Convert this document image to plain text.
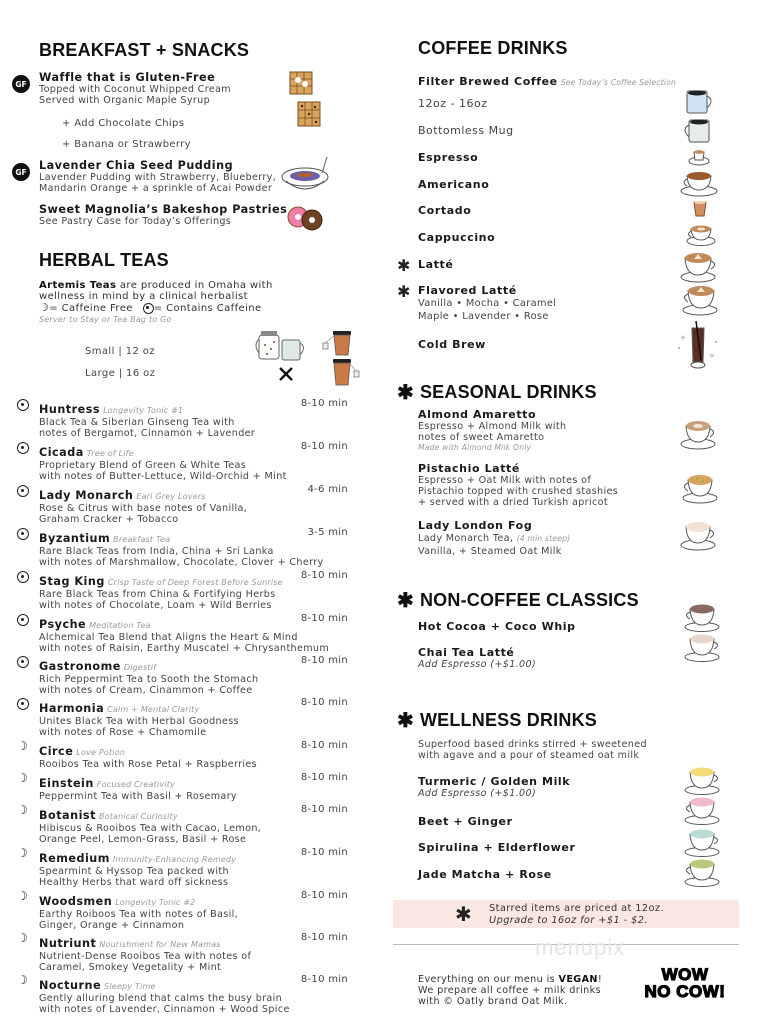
BREAKFAST + SNACKS
GF Waffle that is Gluten-Free
Topped with Coconut Whipped Cream
Served with Organic Maple Syrup
+ Add Chocolate Chips
+ Banana or Strawberry
GF Lavender Chia Seed Pudding
Lavender Pudding with Strawberry, Blueberry,
Mandarin Orange + a sprinkle of Acai Powder
Sweet Magnolia’s Bakeshop Pastries
See Pastry Case for Today’s Offerings
HERBAL TEAS
Artemis Teas are produced in Omaha with
wellness in mind by a clinical herbalist
☽ = Caffeine Free = Contains Caffeine
Server to Stay or Tea Bag to Go
Small | 12 oz
Large | 16 oz
Huntress Longevity Tonic #1
Black Tea & Siberian Ginseng Tea with
notes of Bergamot, Cinnamon + Lavender
8-10 min
Cicada Tree of Life
Proprietary Blend of Green & White Teas
with notes of Butter-Lettuce, Wild-Orchid + Mint
8-10 min
Lady Monarch Earl Grey Lovers
Rose & Citrus with base notes of Vanilla,
Graham Cracker + Tobacco
4-6 min
Byzantium Breakfast Tea
Rare Black Teas from India, China + Sri Lanka
with notes of Marshmallow, Chocolate, Clover + Cherry
3-5 min
Stag King Crisp Taste of Deep Forest Before Sunrise
Rare Black Teas from China & Fortifying Herbs
with notes of Chocolate, Loam + Wild Berries
8-10 min
Psyche Meditation Tea
Alchemical Tea Blend that Aligns the Heart & Mind
with notes of Raisin, Earthy Muscatel + Chrysanthemum
8-10 min
Gastronome Digestif
Rich Peppermint Tea to Sooth the Stomach
with notes of Cream, Cinammon + Coffee
8-10 min
Harmonia Calm + Mental Clarity
Unites Black Tea with Herbal Goodness
with notes of Rose + Chamomile
8-10 min
☽ Circe Love Potion
Rooibos Tea with Rose Petal + Raspberries
8-10 min
☽ Einstein Focused Creativity
Peppermint Tea with Basil + Rosemary
8-10 min
☽ Botanist Botanical Curiosity
Hibiscus & Rooibos Tea with Cacao, Lemon,
Orange Peel, Lemon-Grass, Basil + Rose
8-10 min
☽ Remedium Immunity-Enhancing Remedy
Spearmint & Hyssop Tea packed with
Healthy Herbs that ward off sickness
8-10 min
☽ Woodsmen Longevity Tonic #2
Earthy Roiboos Tea with notes of Basil,
Ginger, Orange + Cinnamon
8-10 min
☽ Nutriunt Nourishment for New Mamas
Nutrient-Dense Rooibos Tea with notes of
Caramel, Smokey Vegetality + Mint
8-10 min
☽ Nocturne Sleepy Time
Gently alluring blend that calms the busy brain
with notes of Lavender, Cinnamon + Wood Spice
8-10 min
COFFEE DRINKS
Filter Brewed Coffee See Today’s Coffee Selection
12oz - 16oz
Bottomless Mug
Espresso
Americano
Cortado
Cappuccino
✱ Latté
✱ Flavored Latté
Vanilla • Mocha • Caramel
Maple • Lavender • Rose
Cold Brew	✧
✧
✱ SEASONAL DRINKS
Almond Amaretto
Espresso + Almond Milk with
notes of sweet Amaretto
Made with Almond Milk Only
Pistachio Latté
Espresso + Oat Milk with notes of
Pistachio topped with crushed stashies
+ served with a dried Turkish apricot
Lady London Fog
Lady Monarch Tea, (4 min steep)
Vanilla, + Steamed Oat Milk
✱ NON-COFFEE CLASSICS
Hot Cocoa + Coco Whip
Chai Tea Latté
Add Espresso (+$1.00)
✱ WELLNESS DRINKS
Superfood based drinks stirred + sweetened
with agave and a pour of steamed oat milk
Turmeric / Golden Milk
Add Espresso (+$1.00)
Beet + Ginger
Spirulina + Elderflower
Jade Matcha + Rose
✱ Starred items are priced at 12oz.
Upgrade to 16oz for +$1 - $2.
menupix
Everything on our menu is VEGAN!
We prepare all coffee + milk drinks
with © Oatly brand Oat Milk.
WOW
NO COW!
